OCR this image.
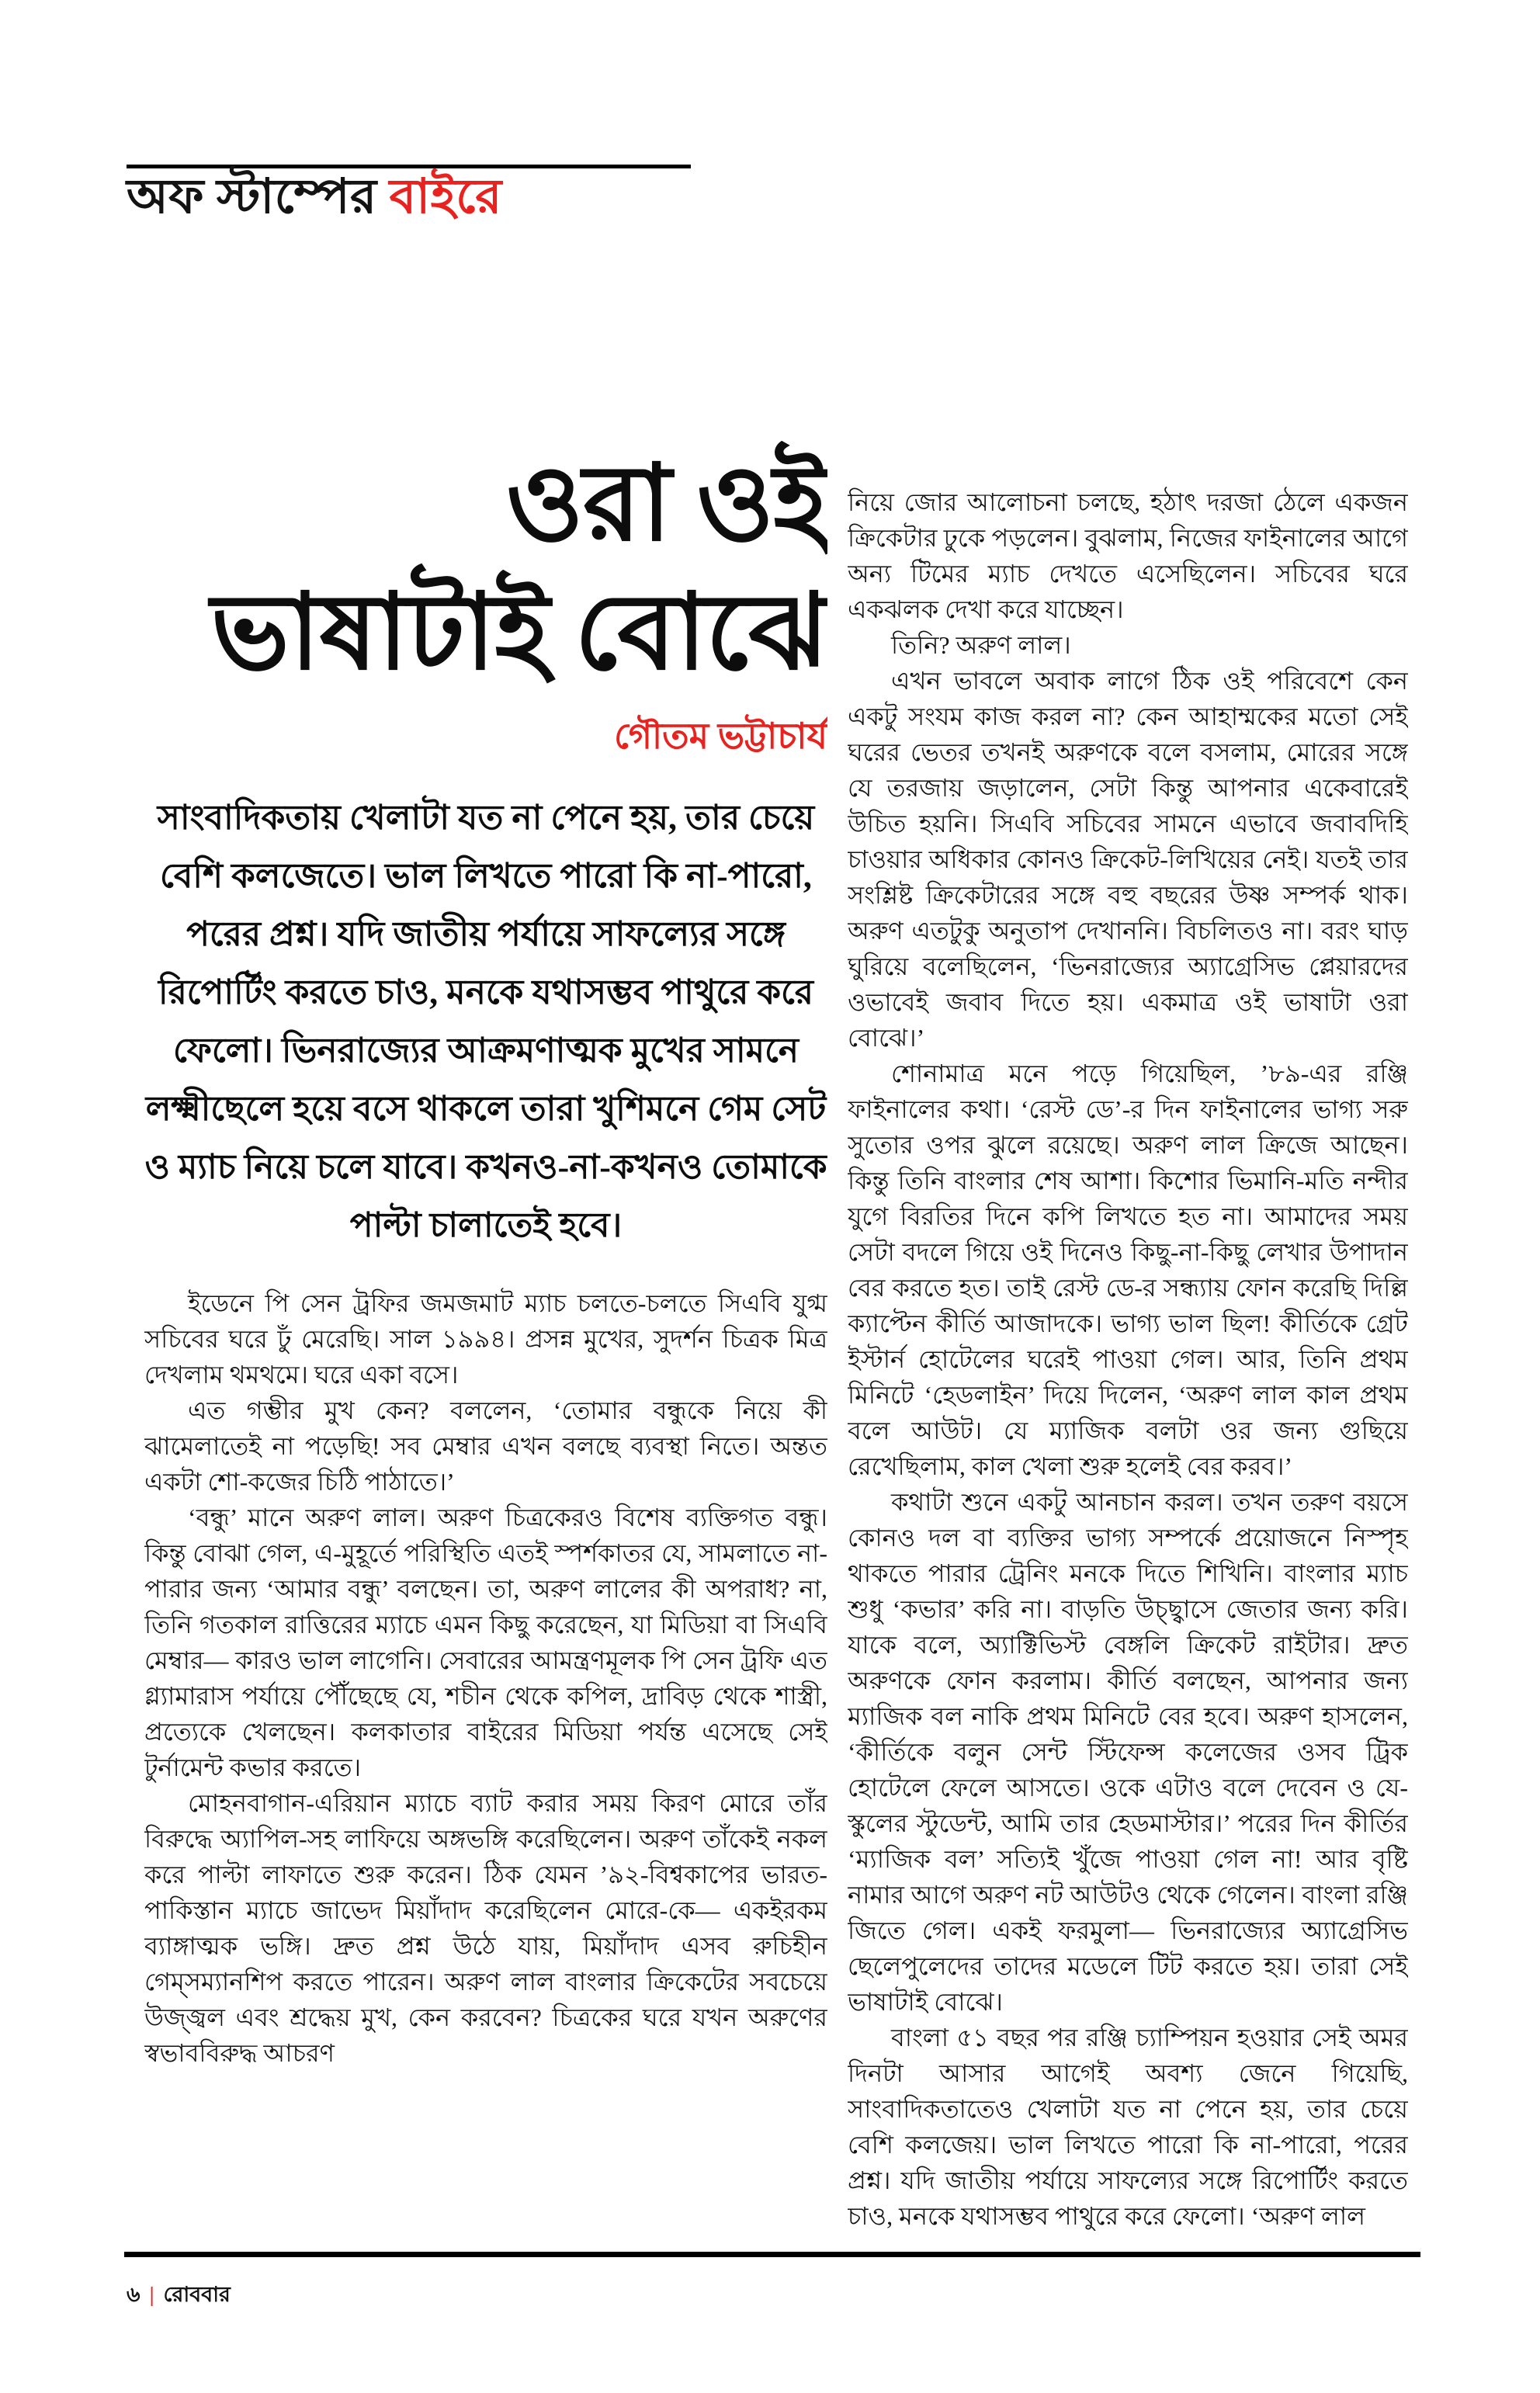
অফ স্টাম্পের বাইরে
ওরা ওই
ভাষাটাই বোঝে
গৌতম ভট্টাচার্য

সাংবাদিকতায় খেলাটা যত না পেনে হয়, তার চেয়ে বেশি কলজেতে। ভাল লিখতে পারো কি না-পারো, পরের প্রশ্ন। যদি জাতীয় পর্যায়ে সাফল্যের সঙ্গে রিপোর্টিং করতে চাও, মনকে যথাসম্ভব পাথুরে করে ফেলো। ভিনরাজ্যের আক্রমণাত্মক মুখের সামনে লক্ষ্মীছেলে হয়ে বসে থাকলে তারা খুশিমনে গেম সেট ও ম্যাচ নিয়ে চলে যাবে। কখনও-না-কখনও তোমাকে পাল্টা চালাতেই হবে।

ইডেনে পি সেন ট্রফির জমজমাট ম্যাচ চলতে-চলতে সিএবি যুগ্ম সচিবের ঘরে ঢুঁ মেরেছি। সাল ১৯৯৪। প্রসন্ন মুখের, সুদর্শন চিত্রক মিত্র দেখলাম থমথমে। ঘরে একা বসে।

এত গম্ভীর মুখ কেন? বললেন, ‘তোমার বন্ধুকে নিয়ে কী ঝামেলাতেই না পড়েছি! সব মেম্বার এখন বলছে ব্যবস্থা নিতে। অন্তত একটা শো-কজের চিঠি পাঠাতে।’

‘বন্ধু’ মানে অরুণ লাল। অরুণ চিত্রকেরও বিশেষ ব্যক্তিগত বন্ধু। কিন্তু বোঝা গেল, এ-মুহূর্তে পরিস্থিতি এতই স্পর্শকাতর যে, সামলাতে না-পারার জন্য ‘আমার বন্ধু’ বলছেন। তা, অরুণ লালের কী অপরাধ? না, তিনি গতকাল রাত্তিরের ম্যাচে এমন কিছু করেছেন, যা মিডিয়া বা সিএবি মেম্বার— কারও ভাল লাগেনি। সেবারের আমন্ত্রণমূলক পি সেন ট্রফি এত গ্ল্যামারাস পর্যায়ে পৌঁছেছে যে, শচীন থেকে কপিল, দ্রাবিড় থেকে শাস্ত্রী, প্রত্যেকে খেলছেন। কলকাতার বাইরের মিডিয়া পর্যন্ত এসেছে সেই টুর্নামেন্ট কভার করতে।

মোহনবাগান-এরিয়ান ম্যাচে ব্যাট করার সময় কিরণ মোরে তাঁর বিরুদ্ধে অ্যাপিল-সহ লাফিয়ে অঙ্গভঙ্গি করেছিলেন। অরুণ তাঁকেই নকল করে পাল্টা লাফাতে শুরু করেন। ঠিক যেমন ’৯২-বিশ্বকাপের ভারত-পাকিস্তান ম্যাচে জাভেদ মিয়াঁদাদ করেছিলেন মোরে-কে— একইরকম ব্যাঙ্গাত্মক ভঙ্গি। দ্রুত প্রশ্ন উঠে যায়, মিয়াঁদাদ এসব রুচিহীন গেম্‌সম্যানশিপ করতে পারেন। অরুণ লাল বাংলার ক্রিকেটের সবচেয়ে উজ্জ্বল এবং শ্রদ্ধেয় মুখ, কেন করবেন? চিত্রকের ঘরে যখন অরুণের স্বভাববিরুদ্ধ আচরণ

নিয়ে জোর আলোচনা চলছে, হঠাৎ দরজা ঠেলে একজন ক্রিকেটার ঢুকে পড়লেন। বুঝলাম, নিজের ফাইনালের আগে অন্য টিমের ম্যাচ দেখতে এসেছিলেন। সচিবের ঘরে একঝলক দেখা করে যাচ্ছেন।

তিনি? অরুণ লাল।

এখন ভাবলে অবাক লাগে ঠিক ওই পরিবেশে কেন একটু সংযম কাজ করল না? কেন আহাম্মকের মতো সেই ঘরের ভেতর তখনই অরুণকে বলে বসলাম, মোরের সঙ্গে যে তরজায় জড়ালেন, সেটা কিন্তু আপনার একেবারেই উচিত হয়নি। সিএবি সচিবের সামনে এভাবে জবাবদিহি চাওয়ার অধিকার কোনও ক্রিকেট-লিখিয়ের নেই। যতই তার সংশ্লিষ্ট ক্রিকেটারের সঙ্গে বহু বছরের উষ্ণ সম্পর্ক থাক। অরুণ এতটুকু অনুতাপ দেখাননি। বিচলিতও না। বরং ঘাড় ঘুরিয়ে বলেছিলেন, ‘ভিনরাজ্যের অ্যাগ্রেসিভ প্লেয়ারদের ওভাবেই জবাব দিতে হয়। একমাত্র ওই ভাষাটা ওরা বোঝে।’

শোনামাত্র মনে পড়ে গিয়েছিল, ’৮৯-এর রঞ্জি ফাইনালের কথা। ‘রেস্ট ডে’-র দিন ফাইনালের ভাগ্য সরু সুতোর ওপর ঝুলে রয়েছে। অরুণ লাল ক্রিজে আছেন। কিন্তু তিনি বাংলার শেষ আশা। কিশোর ভিমানি-মতি নন্দীর যুগে বিরতির দিনে কপি লিখতে হত না। আমাদের সময় সেটা বদলে গিয়ে ওই দিনেও কিছু-না-কিছু লেখার উপাদান বের করতে হত। তাই রেস্ট ডে-র সন্ধ্যায় ফোন করেছি দিল্লি ক্যাপ্টেন কীর্তি আজাদকে। ভাগ্য ভাল ছিল! কীর্তিকে গ্রেট ইস্টার্ন হোটেলের ঘরেই পাওয়া গেল। আর, তিনি প্রথম মিনিটে ‘হেডলাইন’ দিয়ে দিলেন, ‘অরুণ লাল কাল প্রথম বলে আউট। যে ম্যাজিক বলটা ওর জন্য গুছিয়ে রেখেছিলাম, কাল খেলা শুরু হলেই বের করব।’

কথাটা শুনে একটু আনচান করল। তখন তরুণ বয়সে কোনও দল বা ব্যক্তির ভাগ্য সম্পর্কে প্রয়োজনে নিস্পৃহ থাকতে পারার ট্রেনিং মনকে দিতে শিখিনি। বাংলার ম্যাচ শুধু ‘কভার’ করি না। বাড়তি উচ্ছ্বাসে জেতার জন্য করি। যাকে বলে, অ্যাক্টিভিস্ট বেঙ্গলি ক্রিকেট রাইটার। দ্রুত অরুণকে ফোন করলাম। কীর্তি বলছেন, আপনার জন্য ম্যাজিক বল নাকি প্রথম মিনিটে বের হবে। অরুণ হাসলেন, ‘কীর্তিকে বলুন সেন্ট স্টিফেন্স কলেজের ওসব ট্রিক হোটেলে ফেলে আসতে। ওকে এটাও বলে দেবেন ও যে-স্কুলের স্টুডেন্ট, আমি তার হেডমাস্টার।’ পরের দিন কীর্তির ‘ম্যাজিক বল’ সত্যিই খুঁজে পাওয়া গেল না! আর বৃষ্টি নামার আগে অরুণ নট আউটও থেকে গেলেন। বাংলা রঞ্জি জিতে গেল। একই ফরমুলা— ভিনরাজ্যের অ্যাগ্রেসিভ ছেলেপুলেদের তাদের মডেলে টিট করতে হয়। তারা সেই ভাষাটাই বোঝে।

বাংলা ৫১ বছর পর রঞ্জি চ্যাম্পিয়ন হওয়ার সেই অমর দিনটা আসার আগেই অবশ্য জেনে গিয়েছি, সাংবাদিকতাতেও খেলাটা যত না পেনে হয়, তার চেয়ে বেশি কলজেয়। ভাল লিখতে পারো কি না-পারো, পরের প্রশ্ন। যদি জাতীয় পর্যায়ে সাফল্যের সঙ্গে রিপোর্টিং করতে চাও, মনকে যথাসম্ভব পাথুরে করে ফেলো। ‘অরুণ লাল

৬ | রোববার
